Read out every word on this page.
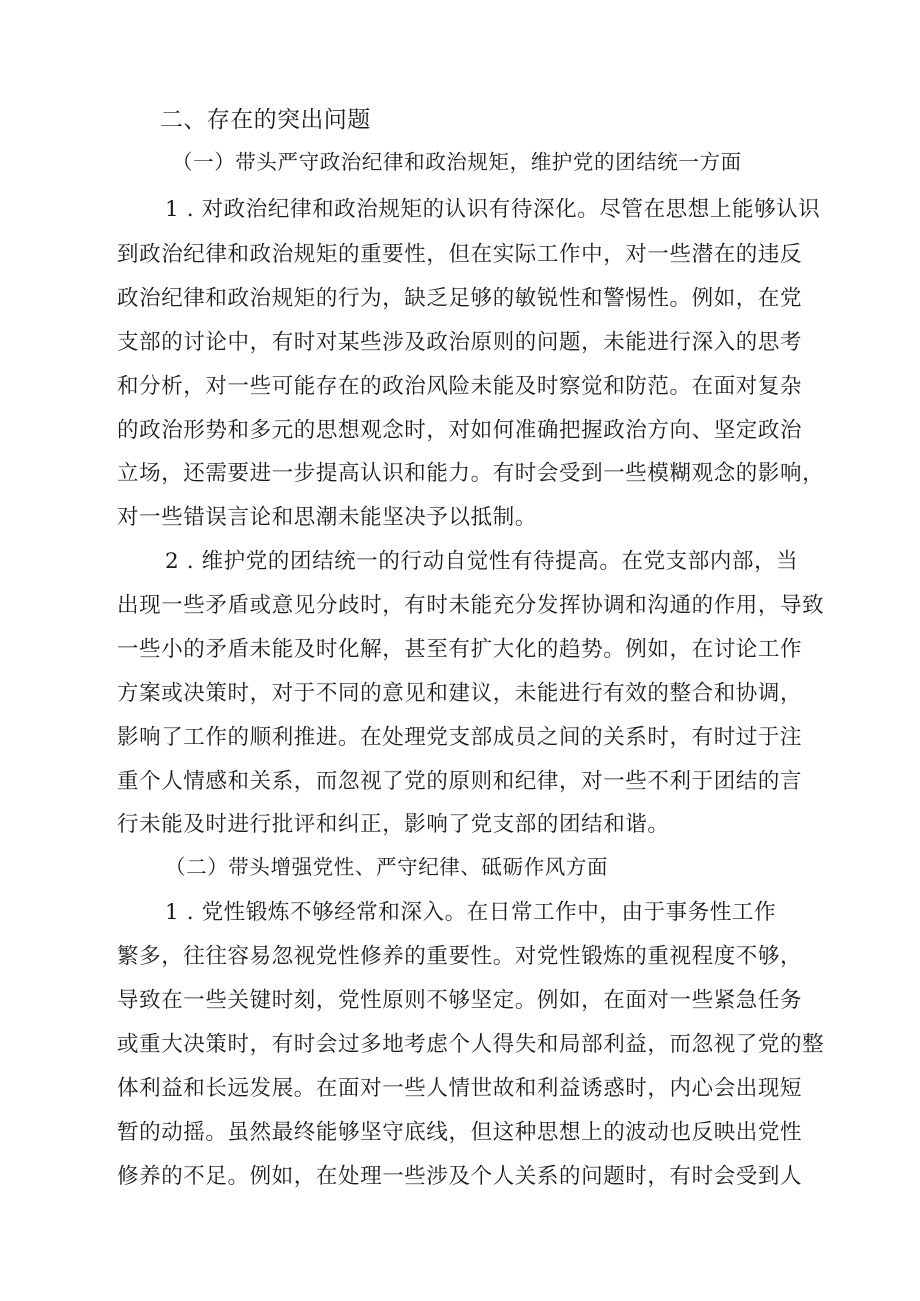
二、存在的突出问题
（一）带头严守政治纪律和政治规矩，维护党的团结统一方面
1 . 对政治纪律和政治规矩的认识有待深化。尽管在思想上能够认识
到政治纪律和政治规矩的重要性，但在实际工作中，对一些潜在的违反
政治纪律和政治规矩的行为，缺乏足够的敏锐性和警惕性。例如，在党
支部的讨论中，有时对某些涉及政治原则的问题，未能进行深入的思考
和分析，对一些可能存在的政治风险未能及时察觉和防范。在面对复杂
的政治形势和多元的思想观念时，对如何准确把握政治方向、坚定政治
立场，还需要进一步提高认识和能力。有时会受到一些模糊观念的影响，
对一些错误言论和思潮未能坚决予以抵制。
2 . 维护党的团结统一的行动自觉性有待提高。在党支部内部，当
出现一些矛盾或意见分歧时，有时未能充分发挥协调和沟通的作用，导致
一些小的矛盾未能及时化解，甚至有扩大化的趋势。例如，在讨论工作
方案或决策时，对于不同的意见和建议，未能进行有效的整合和协调，
影响了工作的顺利推进。在处理党支部成员之间的关系时，有时过于注
重个人情感和关系，而忽视了党的原则和纪律，对一些不利于团结的言
行未能及时进行批评和纠正，影响了党支部的团结和谐。
（二）带头增强党性、严守纪律、砥砺作风方面
1 . 党性锻炼不够经常和深入。在日常工作中，由于事务性工作
繁多，往往容易忽视党性修养的重要性。对党性锻炼的重视程度不够，
导致在一些关键时刻，党性原则不够坚定。例如，在面对一些紧急任务
或重大决策时，有时会过多地考虑个人得失和局部利益，而忽视了党的整
体利益和长远发展。在面对一些人情世故和利益诱惑时，内心会出现短
暂的动摇。虽然最终能够坚守底线，但这种思想上的波动也反映出党性
修养的不足。例如，在处理一些涉及个人关系的问题时，有时会受到人
